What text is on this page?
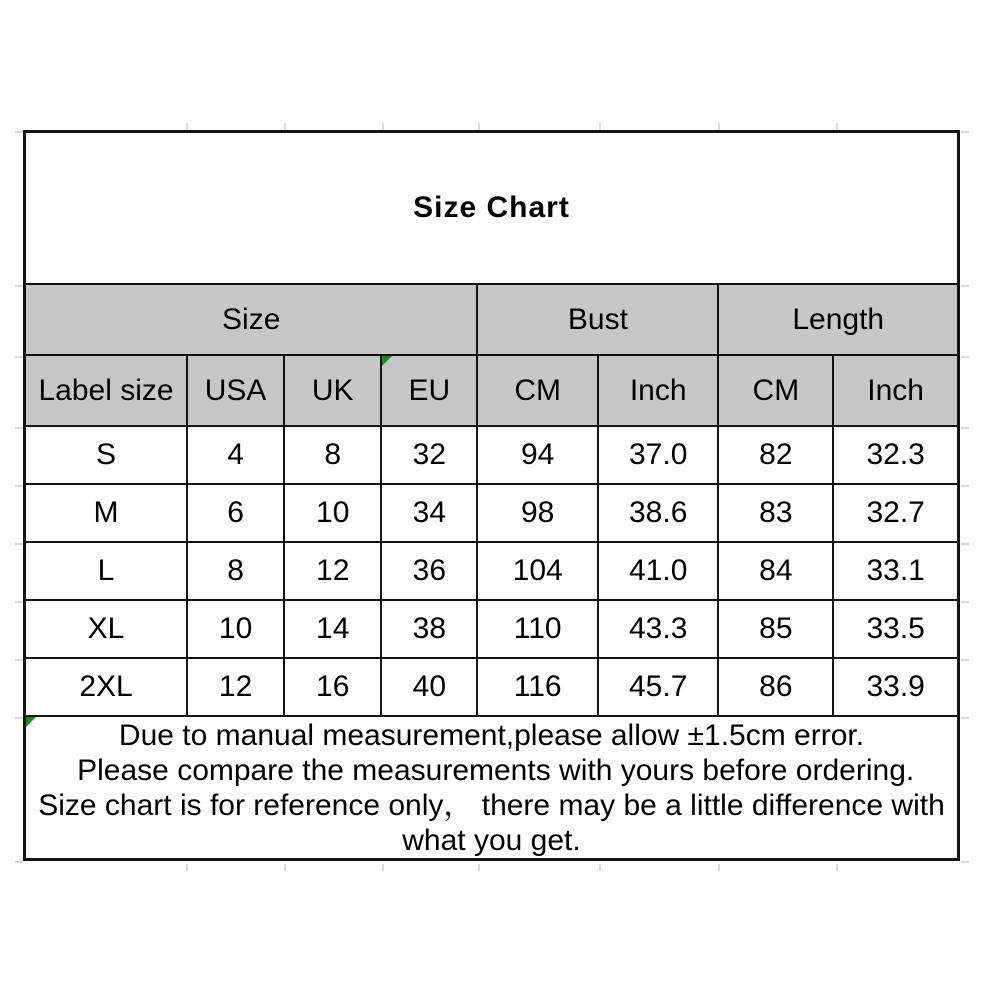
Size Chart							
Size				Bust		Length	
Label size	USA	UK	EU	CM	Inch	CM	Inch
S	4	8	32	94	37.0	82	32.3
M	6	10	34	98	38.6	83	32.7
L	8	12	36	104	41.0	84	33.1
XL	10	14	38	110	43.3	85	33.5
2XL	12	16	40	116	45.7	86	33.9

Due to manual measurement,please allow ±1.5cm error.

Please compare the measurements with yours before ordering.

Size chart is for reference only， there may be a little difference with what you get.							
